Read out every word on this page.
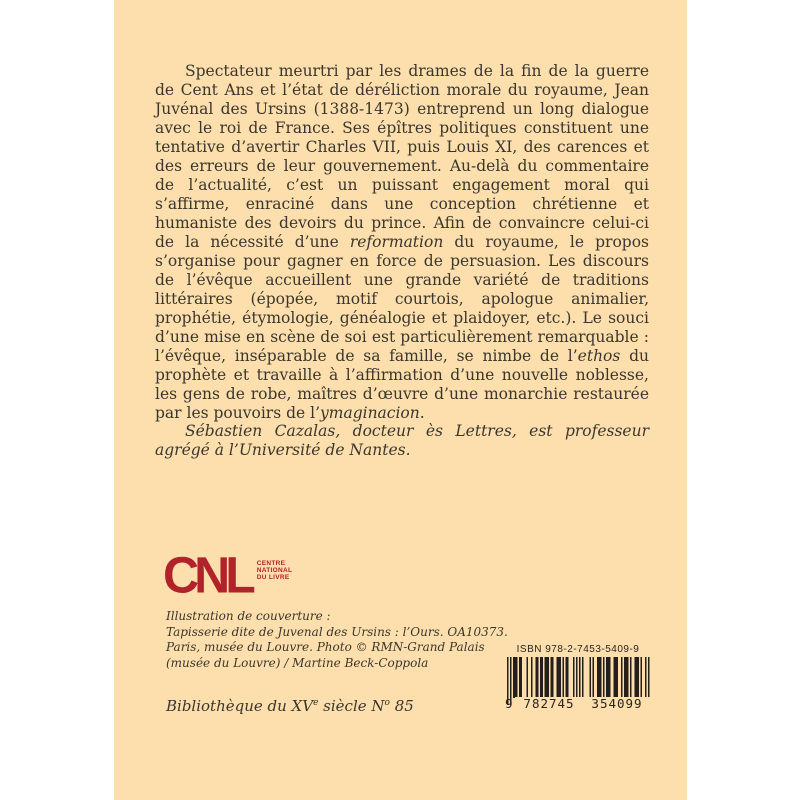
Spectateur meurtri par les drames de la fin de la guerre de Cent Ans et l’état de déréliction morale du royaume, Jean Juvénal des Ursins (1388-1473) entreprend un long dialogue avec le roi de France. Ses épîtres politiques constituent une tentative d’avertir Charles VII, puis Louis XI, des carences et des erreurs de leur gouvernement. Au-delà du commentaire de l’actualité, c’est un puissant engagement moral qui s’affirme, enraciné dans une conception chrétienne et humaniste des devoirs du prince. Afin de convaincre celui-ci de la nécessité d’une reformation du royaume, le propos s’organise pour gagner en force de persuasion. Les discours de l’évêque accueillent une grande variété de traditions littéraires (épopée, motif courtois, apologue animalier, prophétie, étymologie, généalogie et plaidoyer, etc.). Le souci d’une mise en scène de soi est particulièrement remarquable : l’évêque, inséparable de sa famille, se nimbe de l’ethos du prophète et travaille à l’affirmation d’une nouvelle noblesse, les gens de robe, maîtres d’œuvre d’une monarchie restaurée par les pouvoirs de l’ymaginacion.

Sébastien Cazalas, docteur ès Lettres, est professeur agrégé à l’Université de Nantes.

CNL CENTRE
NATIONAL
DU LIVRE
Illustration de couverture :
Tapisserie dite de Juvenal des Ursins : l’Ours. OA10373.
Paris, musée du Louvre. Photo © RMN-Grand Palais
(musée du Louvre) / Martine Beck-Coppola
Bibliothèque du XVe siècle $N^o$ 85
ISBN 978-2-7453-5409-9
9 782745	354099
